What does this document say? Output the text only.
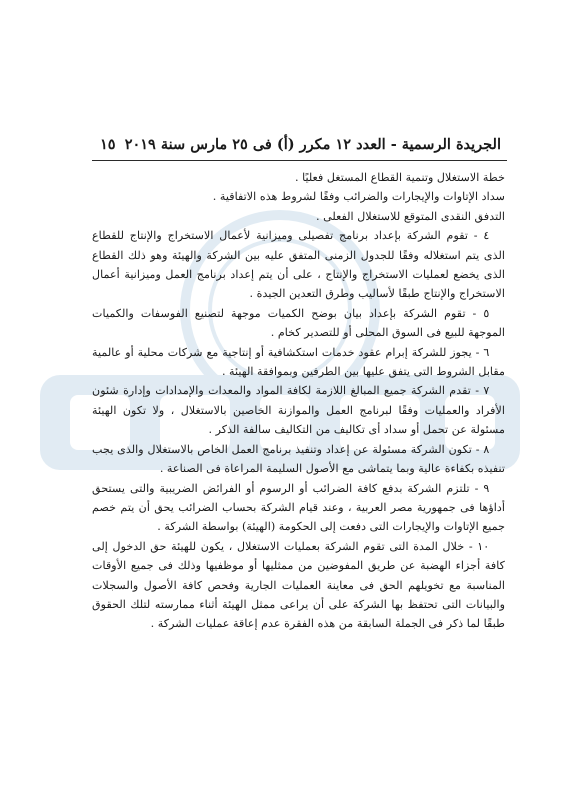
الجريدة الرسمية - العدد ١٢ مكرر (أ) فى ٢٥ مارس سنة ٢٠١٩
١٥

خطة الاستغلال وتنمية القطاع المستغل فعليًا .

سداد الإتاوات والإيجارات والضرائب وفقًا لشروط هذه الاتفاقية .

التدفق النقدى المتوقع للاستغلال الفعلى .

٤ - تقوم الشركة بإعداد برنامج تفصيلى وميزانية لأعمال الاستخراج والإنتاج للقطاع الذى يتم استغلاله وفقًا للجدول الزمنى المتفق عليه بين الشركة والهيئة وهو ذلك القطاع الذى يخضع لعمليات الاستخراج والإنتاج ، على أن يتم إعداد برنامج العمل وميزانية أعمال الاستخراج والإنتاج طبقًا لأساليب وطرق التعدين الجيدة .

٥ - تقوم الشركة بإعداد بيان بوضح الكميات موجهة لتصنيع الفوسفات والكميات الموجهة للبيع فى السوق المحلى أو للتصدير كخام .

٦ - يجوز للشركة إبرام عقود خدمات استكشافية أو إنتاجية مع شركات محلية أو عالمية مقابل الشروط التى يتفق عليها بين الطرفين وبموافقة الهيئة .

٧ - تقدم الشركة جميع المبالغ اللازمة لكافة المواد والمعدات والإمدادات وإدارة شئون الأفراد والعمليات وفقًا لبرنامج العمل والموازنة الخاصين بالاستغلال ، ولا تكون الهيئة مسئولة عن تحمل أو سداد أى تكاليف من التكاليف سالفة الذكر .

٨ - تكون الشركة مسئولة عن إعداد وتنفيذ برنامج العمل الخاص بالاستغلال والذى يجب تنفيذه بكفاءة عالية وبما يتماشى مع الأصول السليمة المراعاة فى الصناعة .

٩ - تلتزم الشركة بدفع كافة الضرائب أو الرسوم أو الفرائض الضريبية والتى يستحق أداؤها فى جمهورية مصر العربية ، وعند قيام الشركة بحساب الضرائب يحق أن يتم خصم جميع الإتاوات والإيجارات التى دفعت إلى الحكومة (الهيئة) بواسطة الشركة .

١٠ - خلال المدة التى تقوم الشركة بعمليات الاستغلال ، يكون للهيئة حق الدخول إلى كافة أجزاء الهضبة عن طريق المفوضين من ممثليها أو موظفيها وذلك فى جميع الأوقات المناسبة مع تخويلهم الحق فى معاينة العمليات الجارية وفحص كافة الأصول والسجلات والبيانات التى تحتفظ بها الشركة على أن يراعى ممثل الهيئة أثناء ممارسته لتلك الحقوق طبقًا لما ذكر فى الجملة السابقة من هذه الفقرة عدم إعاقة عمليات الشركة .
